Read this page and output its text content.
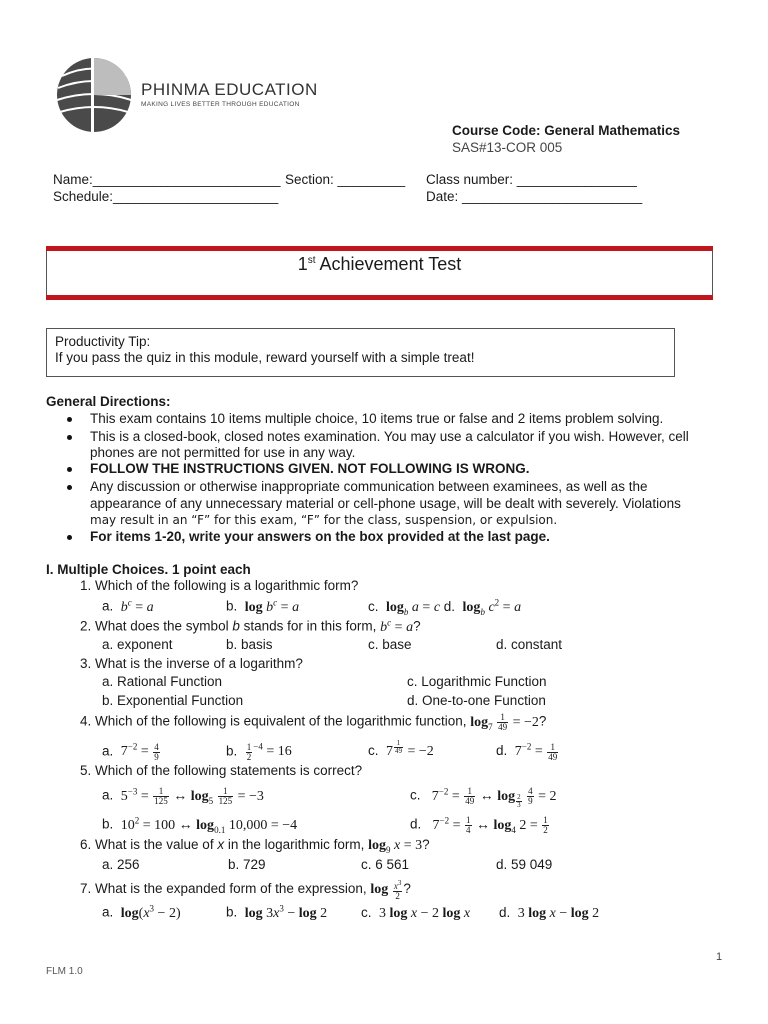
PHINMA EDUCATION
MAKING LIVES BETTER THROUGH EDUCATION
Course Code: General Mathematics
SAS#13-COR 005
Name:_________________________ Section: _________ Class number: ________________
Schedule:______________________	Date: ________________________
1st Achievement Test
Productivity Tip:
If you pass the quiz in this module, reward yourself with a simple treat!
General Directions:
This exam contains 10 items multiple choice, 10 items true or false and 2 items problem solving.
This is a closed-book, closed notes examination. You may use a calculator if you wish. However, cell
phones are not permitted for use in any way.
FOLLOW THE INSTRUCTIONS GIVEN. NOT FOLLOWING IS WRONG.
Any discussion or otherwise inappropriate communication between examinees, as well as the
appearance of any unnecessary material or cell-phone usage, will be dealt with severely. Violations
may result in an “F” for this exam, “F” for the class, suspension, or expulsion.
For items 1-20, write your answers on the box provided at the last page.
I. Multiple Choices. 1 point each
1. Which of the following is a logarithmic form?
a.  $b^c = a$	b.  $\log b^c = a$	c.  $\log_b a = c$ d.  $\log_b c^2 = a$
2. What does the symbol b stands for in this form, $b^c = a$?
a. exponent	b. basis	c. base	d. constant
3. What is the inverse of a logarithm?
a. Rational Function	c. Logarithmic Function
b. Exponential Function	d. One-to-one Function
4. Which of the following is equivalent of the logarithmic function, $\log_7 \frac{1}{49} = -2$?
a.  $7^{-2} = \frac{4}{9}$	b. $\frac{1}{2} ^{-4} = 16$	c.  7 $^{\frac{1}{49}}$ = −2	d.  $7^{-2} = \frac{1}{49}$
5. Which of the following statements is correct?
a.  $5^{-3} = \frac{1}{125}$ ↔ $\log_5 \frac{1}{125} = -3$	c.   $7^{-2} = \frac{1}{49}$ ↔ log $_{\frac{2}{3}}$
$\frac{4}{9} = 2$
b.  $10^2 = 100$ ↔ $\log_{0.1} 10,000 = -4$	d.   $7^{-2} = \frac{1}{4}$ ↔ $\log_4 2 = \frac{1}{2}$
6. What is the value of x in the logarithmic form, $\log_9 x = 3$?
a. 256	b. 729	c. 6 561	d. 59 049
7. What is the expanded form of the expression, $\log \frac{x^3}{2}$ ?
a.  $\log(x^3 - 2)$	b.  $\log 3x^3 - \log 2$	c.  3 log x − 2 log x d.  3 log x − log 2
1
FLM 1.0
